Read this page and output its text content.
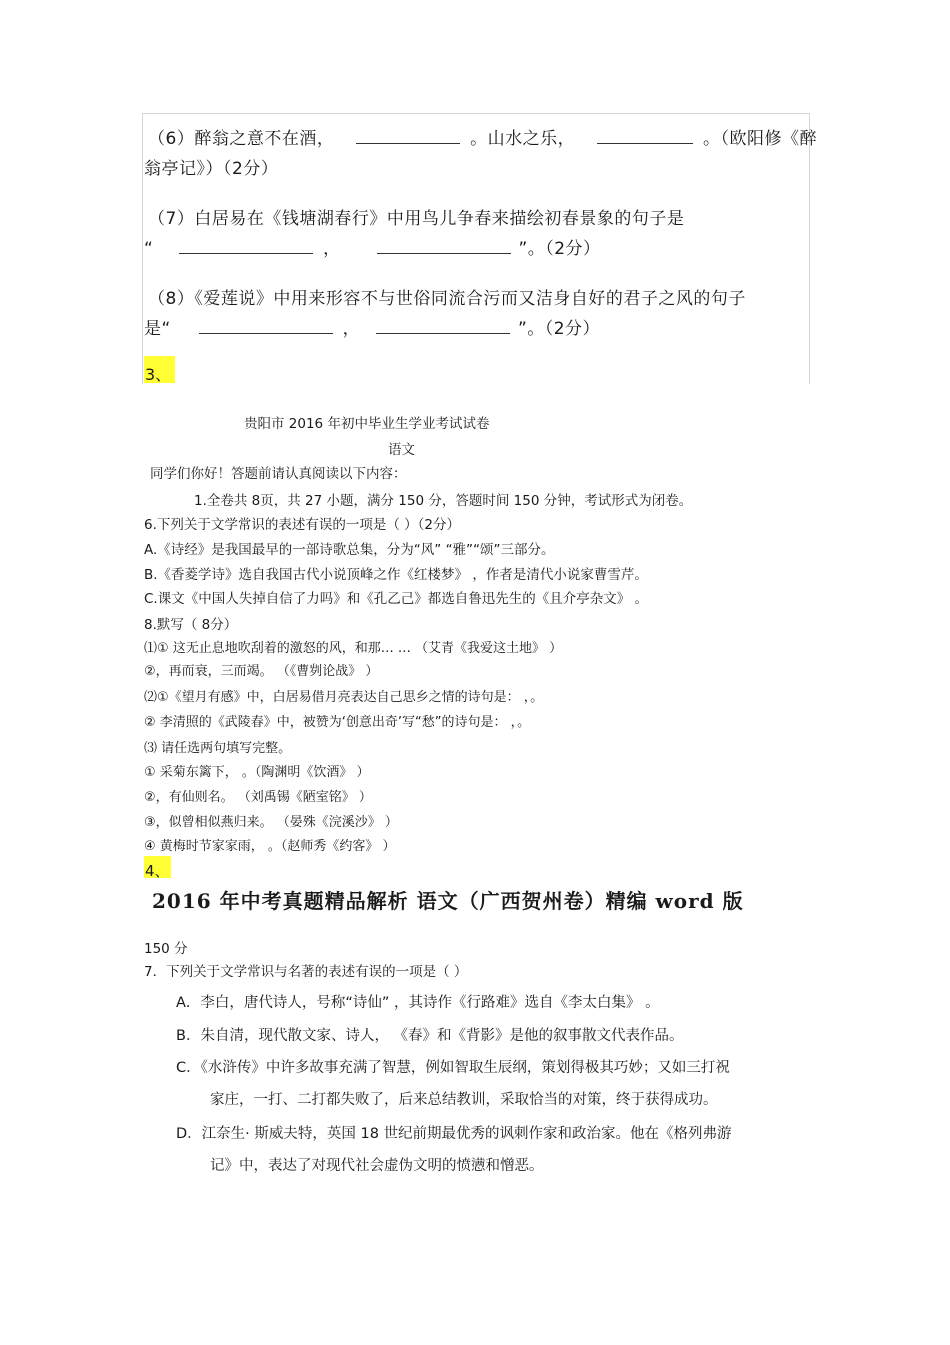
（6）醉翁之意不在酒，	。山水之乐，	。（欧阳修《醉
翁亭记》）（2分）
（7）白居易在《钱塘湖春行》中用鸟儿争春来描绘初春景象的句子是
“	，	”。（2分）
（8）《爱莲说》中用来形容不与世俗同流合污而又洁身自好的君子之风的句子
是“	，	”。（2分）
3、
贵阳市 2016 年初中毕业生学业考试试卷
语文
同学们你好！答题前请认真阅读以下内容：
1.全卷共 8页，共 27 小题，满分 150 分，答题时间 150 分钟，考试形式为闭卷。
6.下列关于文学常识的表述有误的一项是（ ）（2分）
A.《诗经》是我国最早的一部诗歌总集，分为“风” “雅”“颂”三部分。
B.《香菱学诗》选自我国古代小说顶峰之作《红楼梦》 ，作者是清代小说家曹雪芹。
C.课文《中国人失掉自信了力吗》和《孔乙己》都选自鲁迅先生的《且介亭杂文》 。
8.默写（ 8分）
⑴① 这无止息地吹刮着的激怒的风，和那… … （艾青《我爱这土地》 ）
②，再而衰，三而竭。 （《曹刿论战》 ）
⑵①《望月有感》中，白居易借月亮表达自己思乡之情的诗句是： ，。
② 李清照的《武陵春》中，被赞为‘创意出奇’写“愁”的诗句是： ，。
⑶ 请任选两句填写完整。
① 采菊东篱下， 。（陶渊明《饮酒》 ）
②，有仙则名。 （刘禹锡《陋室铭》 ）
③，似曾相似燕归来。 （晏殊《浣溪沙》 ）
④ 黄梅时节家家雨， 。（赵师秀《约客》 ）
4、
2016 年中考真题精品解析 语文（广西贺州卷）精编 word 版
150 分
7．下列关于文学常识与名著的表述有误的一项是（ ）
A．李白，唐代诗人，号称“诗仙” ，其诗作《行路难》选自《李太白集》 。
B．朱自清，现代散文家、诗人， 《春》和《背影》是他的叙事散文代表作品。
C．《水浒传》中许多故事充满了智慧，例如智取生辰纲，策划得极其巧妙；又如三打祝
家庄，一打、二打都失败了，后来总结教训，采取恰当的对策，终于获得成功。
D．江奈生· 斯威夫特，英国 18 世纪前期最优秀的讽刺作家和政治家。他在《格列弗游
记》中，表达了对现代社会虚伪文明的愤懑和憎恶。
